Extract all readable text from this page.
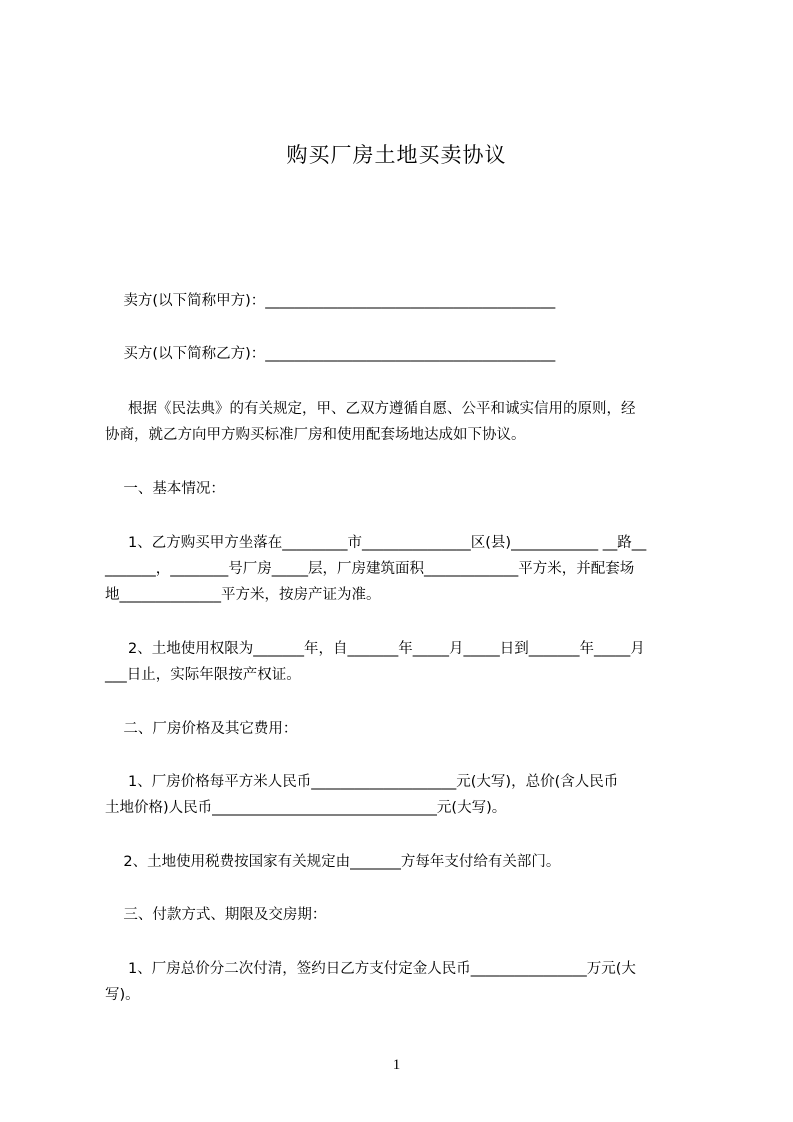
购买厂房土地买卖协议
卖方(以下简称甲方)：________________________________________
买方(以下简称乙方)：________________________________________
根据《民法典》的有关规定，甲、乙双方遵循自愿、公平和诚实信用的原则，经
协商，就乙方向甲方购买标准厂房和使用配套场地达成如下协议。
一、基本情况：
1、乙方购买甲方坐落在_________市_______________区(县)____________ __路__
_______，________号厂房_____层，厂房建筑面积_____________平方米，并配套场
地______________平方米，按房产证为准。
2、土地使用权限为_______年，自_______年_____月_____日到_______年_____月
___日止，实际年限按产权证。
二、厂房价格及其它费用：
1、厂房价格每平方米人民币____________________元(大写)，总价(含人民币
土地价格)人民币_______________________________元(大写)。
2、土地使用税费按国家有关规定由_______方每年支付给有关部门。
三、付款方式、期限及交房期：
1、厂房总价分二次付清，签约日乙方支付定金人民币________________万元(大
写)。
1
